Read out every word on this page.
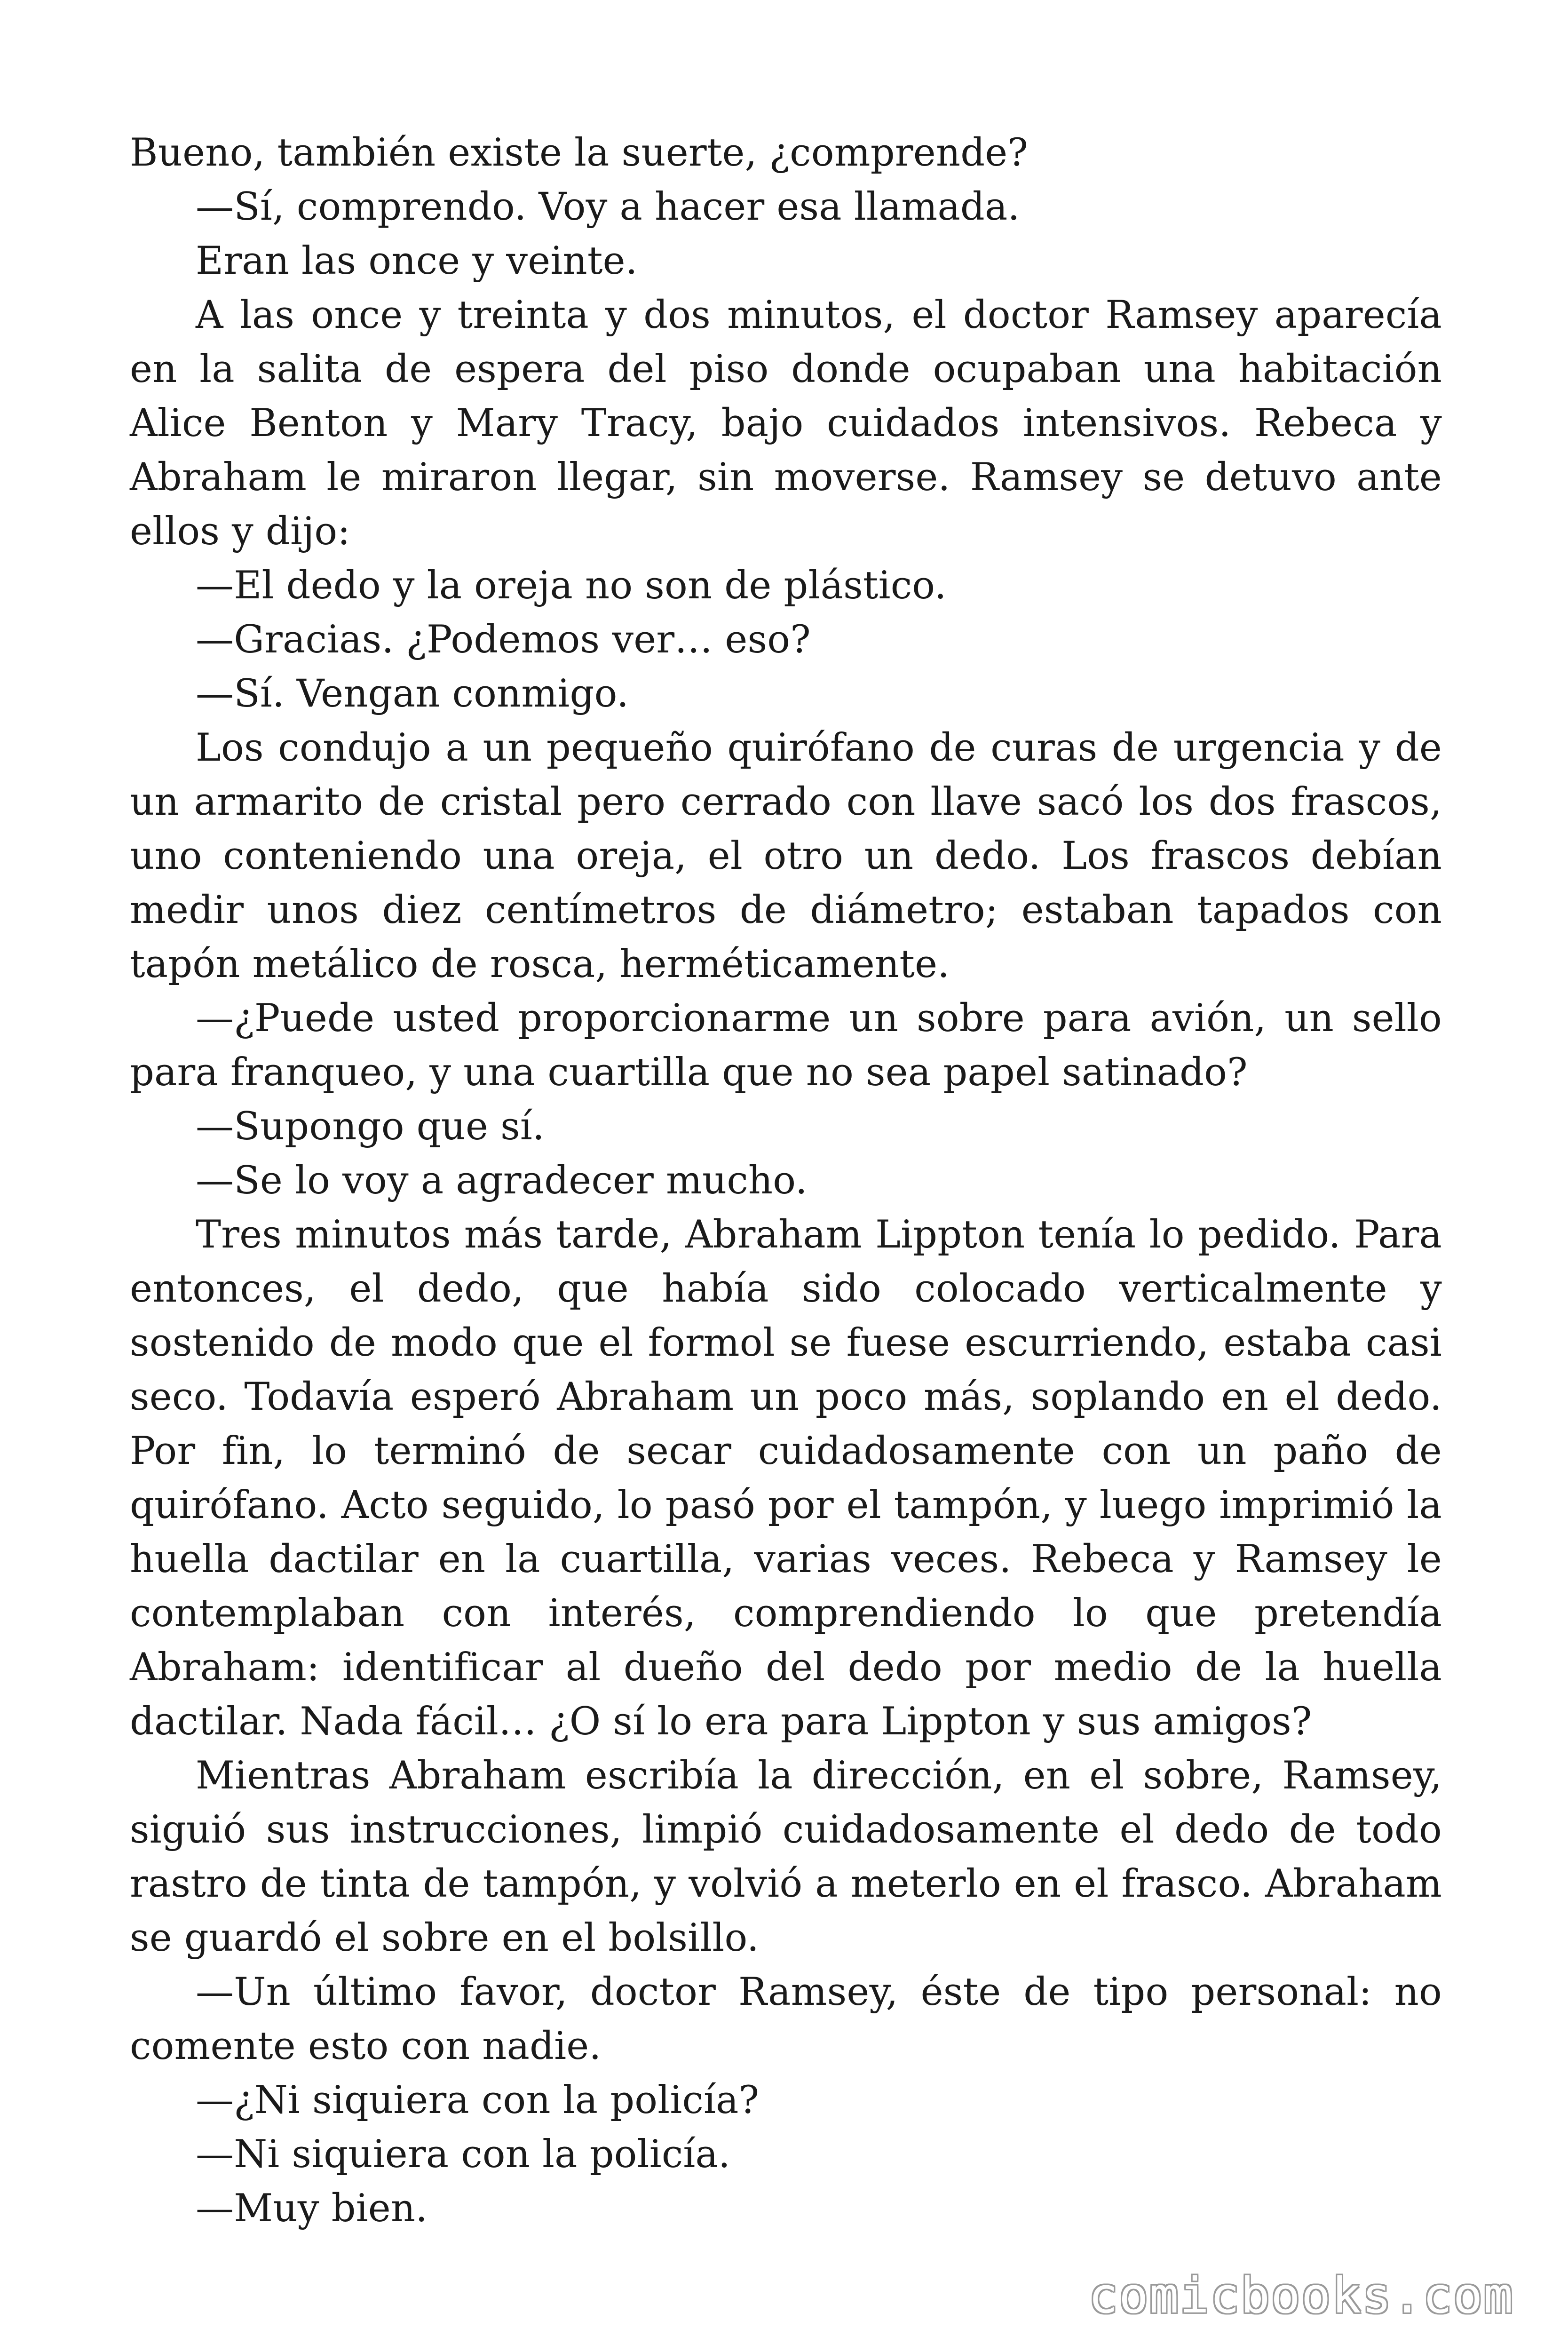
Bueno, también existe la suerte, ¿comprende?

—Sí, comprendo. Voy a hacer esa llamada.

Eran las once y veinte.

A las once y treinta y dos minutos, el doctor Ramsey aparecía en la salita de espera del piso donde ocupaban una habitación Alice Benton y Mary Tracy, bajo cuidados intensivos. Rebeca y Abraham le miraron llegar, sin moverse. Ramsey se detuvo ante ellos y dijo:

—El dedo y la oreja no son de plástico.

—Gracias. ¿Podemos ver… eso?

—Sí. Vengan conmigo.

Los condujo a un pequeño quirófano de curas de urgencia y de un armarito de cristal pero cerrado con llave sacó los dos frascos, uno conteniendo una oreja, el otro un dedo. Los frascos debían medir unos diez centímetros de diámetro; estaban tapados con tapón metálico de rosca, herméticamente.

—¿Puede usted proporcionarme un sobre para avión, un sello para franqueo, y una cuartilla que no sea papel satinado?

—Supongo que sí.

—Se lo voy a agradecer mucho.

Tres minutos más tarde, Abraham Lippton tenía lo pedido. Para entonces, el dedo, que había sido colocado verticalmente y sostenido de modo que el formol se fuese escurriendo, estaba casi seco. Todavía esperó Abraham un poco más, soplando en el dedo. Por fin, lo terminó de secar cuidadosamente con un paño de quirófano. Acto seguido, lo pasó por el tampón, y luego imprimió la huella dactilar en la cuartilla, varias veces. Rebeca y Ramsey le contemplaban con interés, comprendiendo lo que pretendía Abraham: identificar al dueño del dedo por medio de la huella dactilar. Nada fácil… ¿O sí lo era para Lippton y sus amigos?

Mientras Abraham escribía la dirección, en el sobre, Ramsey, siguió sus instrucciones, limpió cuidadosamente el dedo de todo rastro de tinta de tampón, y volvió a meterlo en el frasco. Abraham se guardó el sobre en el bolsillo.

—Un último favor, doctor Ramsey, éste de tipo personal: no comente esto con nadie.

—¿Ni siquiera con la policía?

—Ni siquiera con la policía.

—Muy bien.

comicbooks.com
